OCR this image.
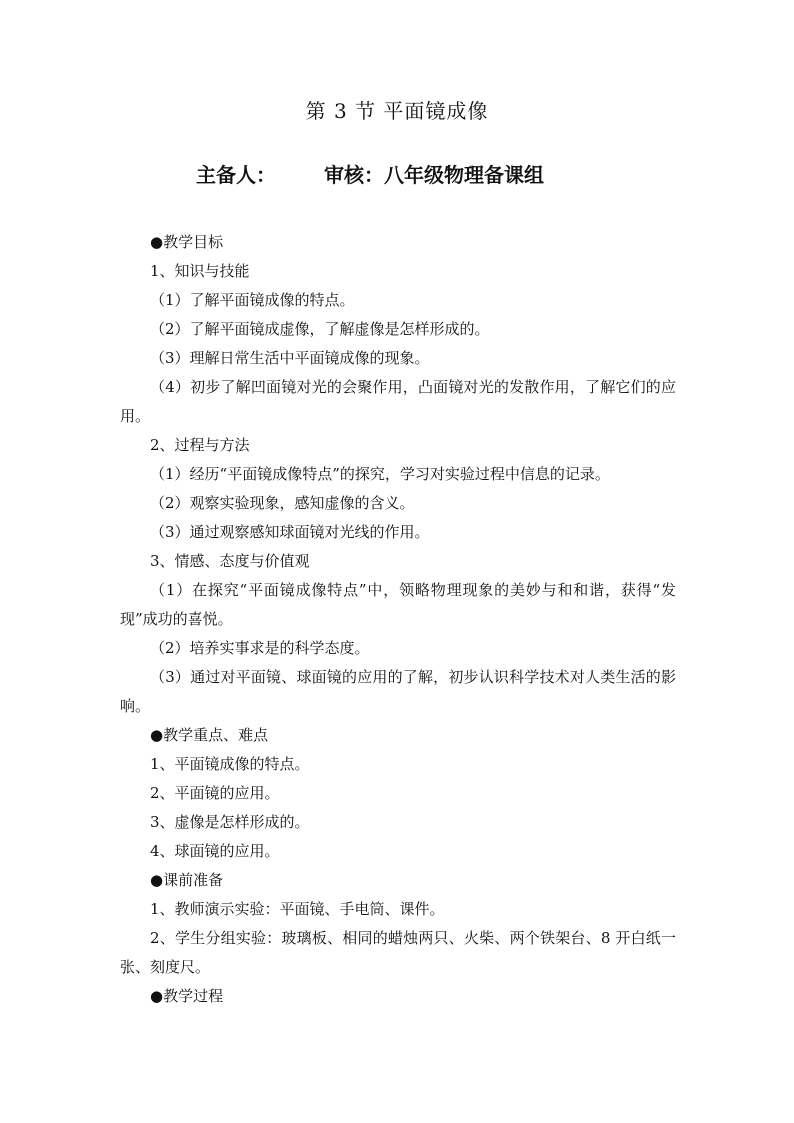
第 3 节 平面镜成像
主备人： 审核：八年级物理备课组

●教学目标

1、知识与技能

（1）了解平面镜成像的特点。

（2）了解平面镜成虚像，了解虚像是怎样形成的。

（3）理解日常生活中平面镜成像的现象。

（4）初步了解凹面镜对光的会聚作用，凸面镜对光的发散作用，了解它们的应用。

2、过程与方法

（1）经历“平面镜成像特点”的探究，学习对实验过程中信息的记录。

（2）观察实验现象，感知虚像的含义。

（3）通过观察感知球面镜对光线的作用。

3、情感、态度与价值观

（1）在探究“平面镜成像特点”中，领略物理现象的美妙与和和谐，获得“发现”成功的喜悦。

（2）培养实事求是的科学态度。

（3）通过对平面镜、球面镜的应用的了解，初步认识科学技术对人类生活的影响。

●教学重点、难点

1、平面镜成像的特点。

2、平面镜的应用。

3、虚像是怎样形成的。

4、球面镜的应用。

●课前准备

1、教师演示实验：平面镜、手电筒、课件。

2、学生分组实验：玻璃板、相同的蜡烛两只、火柴、两个铁架台、8 开白纸一张、刻度尺。

●教学过程
